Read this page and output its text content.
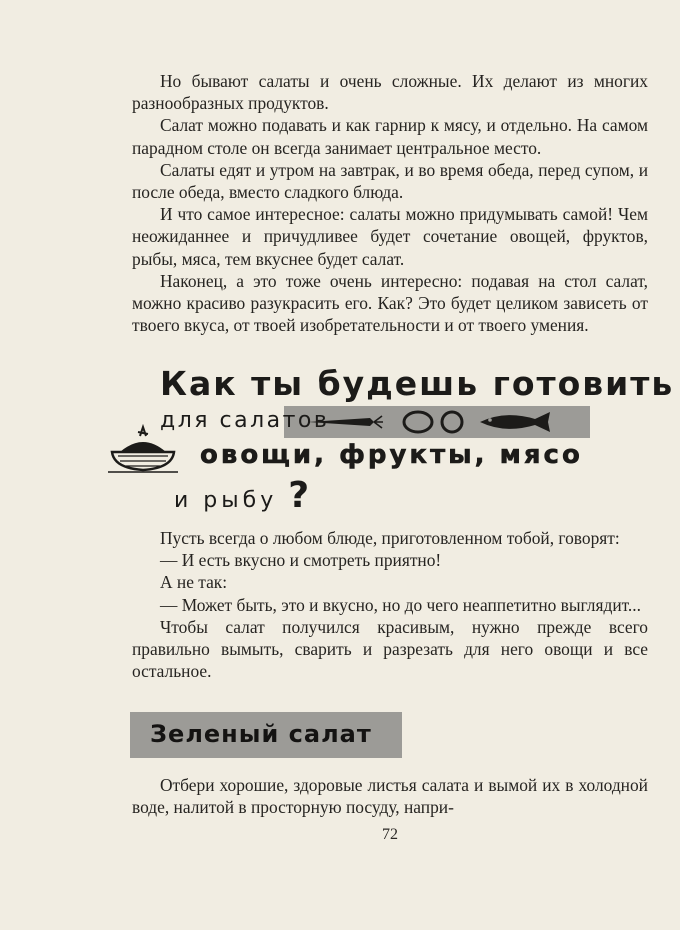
Но бывают салаты и очень сложные. Их делают из многих разнообразных продуктов.

Салат можно подавать и как гарнир к мясу, и отдельно. На самом парадном столе он всегда занимает центральное место.

Салаты едят и утром на завтрак, и во время обеда, перед супом, и после обеда, вместо сладкого блюда.

И что самое интересное: салаты можно придумывать самой! Чем неожиданнее и причудливее будет сочетание овощей, фруктов, рыбы, мяса, тем вкуснее будет салат.

Наконец, а это тоже очень интересно: подавая на стол салат, можно красиво разукрасить его. Как? Это будет целиком зависеть от твоего вкуса, от твоей изобретательности и от твоего умения.

Как ты будешь готовить
для салатов
овощи, фрукты, мясо
и рыбу ?

Пусть всегда о любом блюде, приготовленном тобой, говорят:

— И есть вкусно и смотреть приятно!

А не так:

— Может быть, это и вкусно, но до чего неаппетитно выглядит...

Чтобы салат получился красивым, нужно прежде всего правильно вымыть, сварить и разрезать для него овощи и все остальное.

Зеленый салат

Отбери хорошие, здоровые листья салата и вымой их в холодной воде, налитой в просторную посуду, напри-

72
